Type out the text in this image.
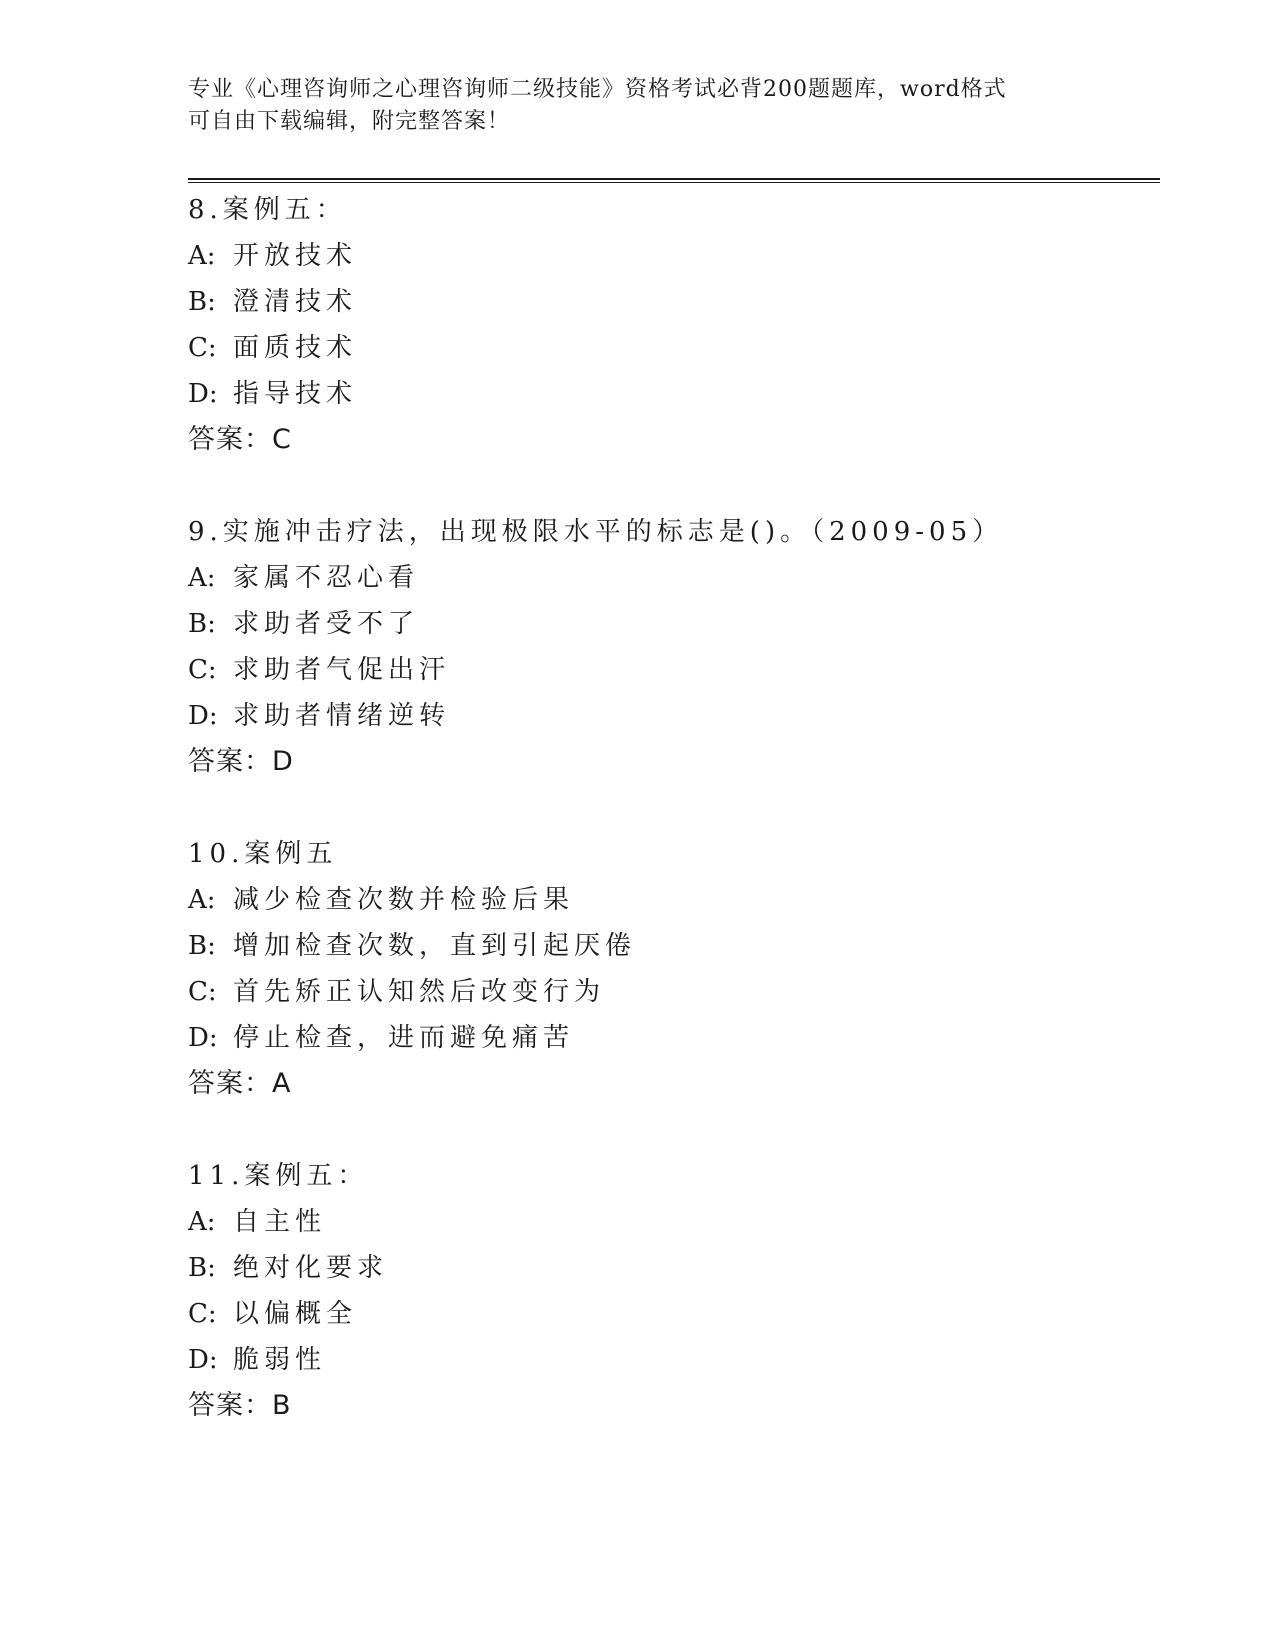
专业《心理咨询师之心理咨询师二级技能》资格考试必背200题题库，word格式
可自由下载编辑，附完整答案！
8.案例五：
A: 开放技术
B: 澄清技术
C: 面质技术
D: 指导技术
答案：C
9.实施冲击疗法，出现极限水平的标志是()。（2009-05）
A: 家属不忍心看
B: 求助者受不了
C: 求助者气促出汗
D: 求助者情绪逆转
答案：D
10.案例五
A: 减少检查次数并检验后果
B: 增加检查次数，直到引起厌倦
C: 首先矫正认知然后改变行为
D: 停止检查，进而避免痛苦
答案：A
11.案例五：
A: 自主性
B: 绝对化要求
C: 以偏概全
D: 脆弱性
答案：B
